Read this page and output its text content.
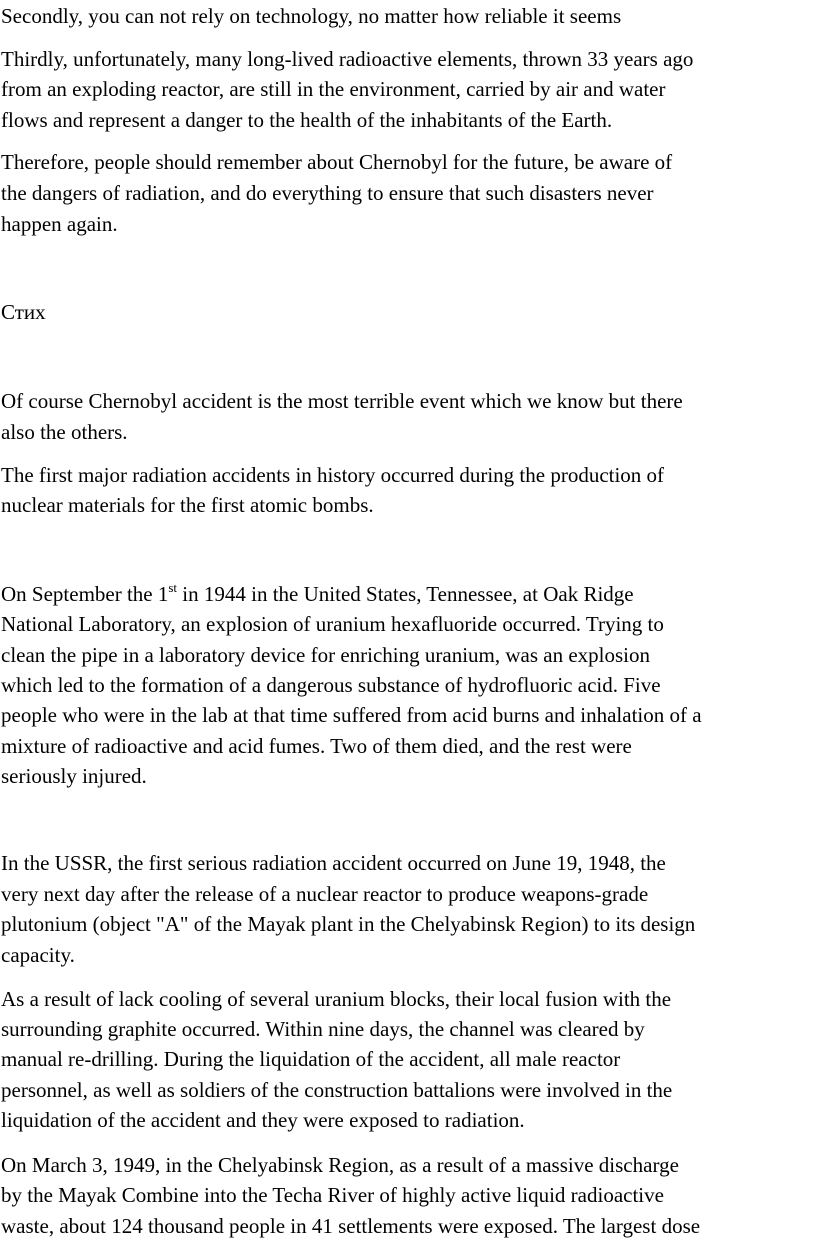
Secondly, you can not rely on technology, no matter how reliable it seems
Thirdly, unfortunately, many long-lived radioactive elements, thrown 33 years ago
from an exploding reactor, are still in the environment, carried by air and water
flows and represent a danger to the health of the inhabitants of the Earth.
Therefore, people should remember about Chernobyl for the future, be aware of
the dangers of radiation, and do everything to ensure that such disasters never
happen again.
Стих
Of course Chernobyl accident is the most terrible event which we know but there
also the others.
The first major radiation accidents in history occurred during the production of
nuclear materials for the first atomic bombs.
On September the 1st in 1944 in the United States, Tennessee, at Oak Ridge
National Laboratory, an explosion of uranium hexafluoride occurred. Trying to
clean the pipe in a laboratory device for enriching uranium, was an explosion
which led to the formation of a dangerous substance of hydrofluoric acid. Five
people who were in the lab at that time suffered from acid burns and inhalation of a
mixture of radioactive and acid fumes. Two of them died, and the rest were
seriously injured.
In the USSR, the first serious radiation accident occurred on June 19, 1948, the
very next day after the release of a nuclear reactor to produce weapons-grade
plutonium (object "A" of the Mayak plant in the Chelyabinsk Region) to its design
capacity.
As a result of lack cooling of several uranium blocks, their local fusion with the
surrounding graphite occurred. Within nine days, the channel was cleared by
manual re-drilling. During the liquidation of the accident, all male reactor
personnel, as well as soldiers of the construction battalions were involved in the
liquidation of the accident and they were exposed to radiation.
On March 3, 1949, in the Chelyabinsk Region, as a result of a massive discharge
by the Mayak Combine into the Techa River of highly active liquid radioactive
waste, about 124 thousand people in 41 settlements were exposed. The largest dose
